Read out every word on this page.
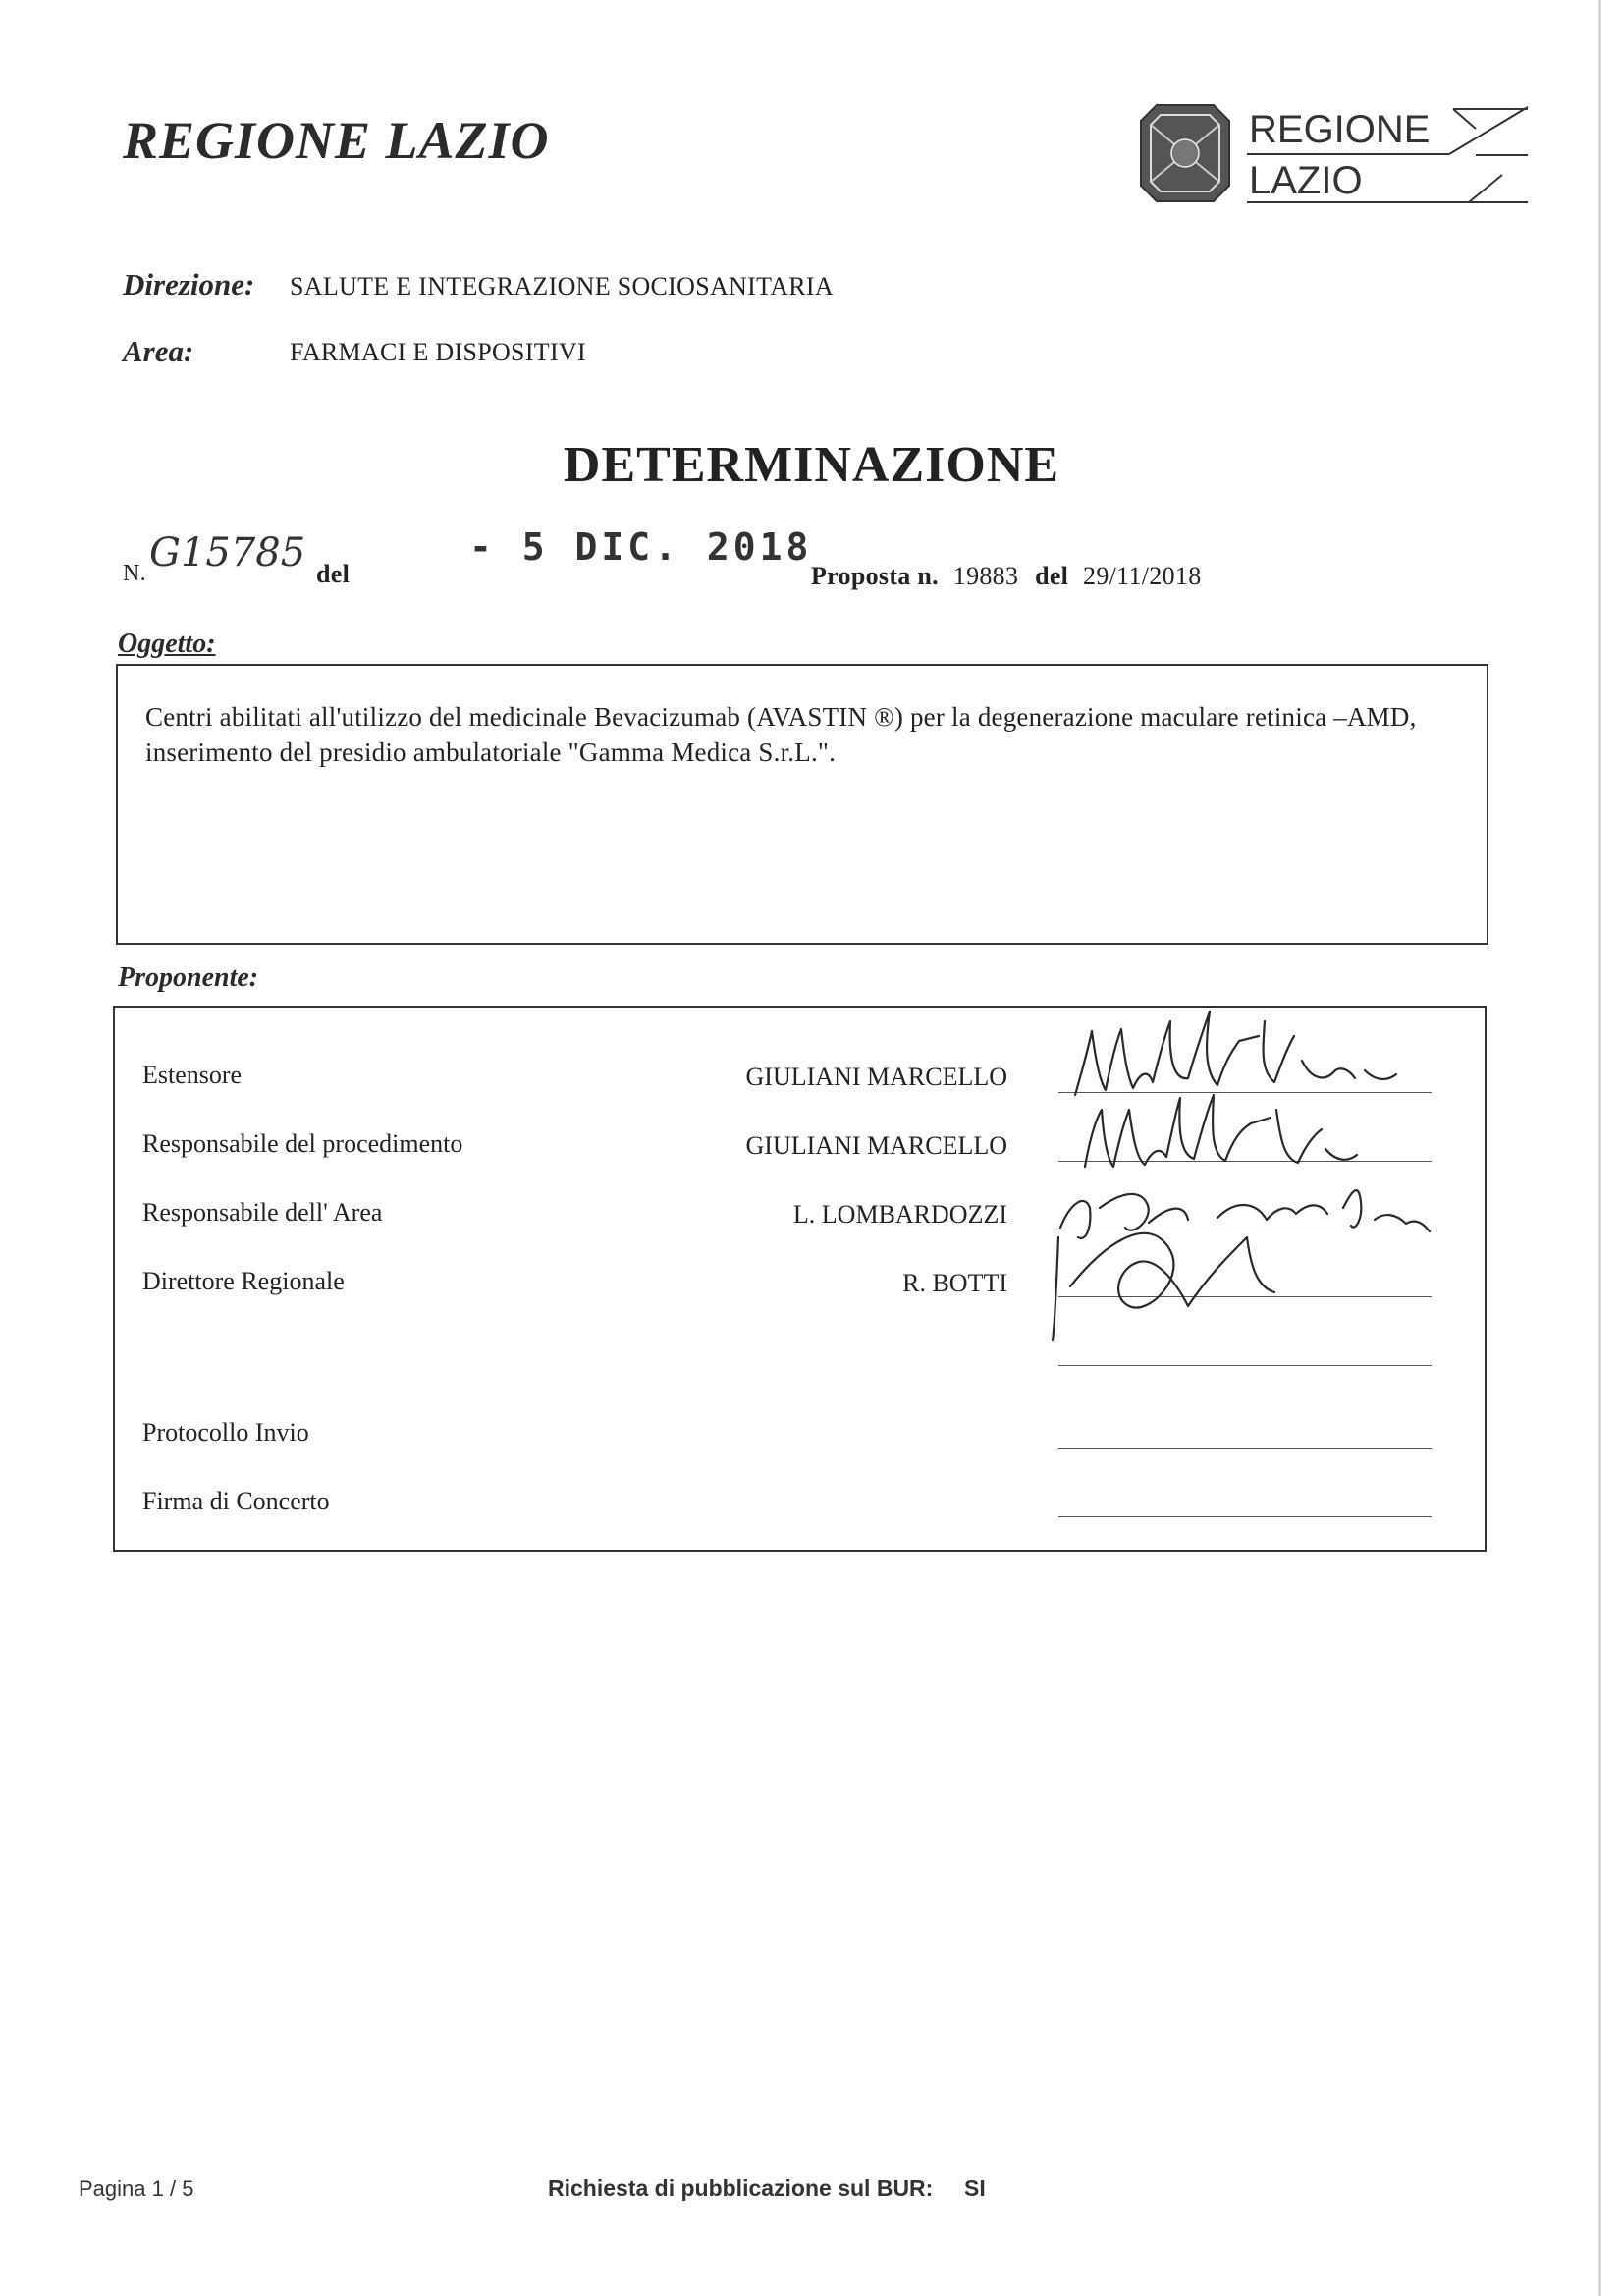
REGIONE LAZIO	REGIONE
LAZIO
Direzione: SALUTE E INTEGRAZIONE SOCIOSANITARIA
Area:	FARMACI E DISPOSITIVI
DETERMINAZIONE
N. G15785 del
- 5 DIC. 2018
Proposta n. 19883 del 29/11/2018
Oggetto:
Centri abilitati all'utilizzo del medicinale Bevacizumab (AVASTIN ®) per la degenerazione maculare retinica –AMD,
inserimento del presidio ambulatoriale "Gamma Medica S.r.L.".
Proponente:
Estensore	GIULIANI MARCELLO
Responsabile del procedimento	GIULIANI MARCELLO
Responsabile dell' Area	L. LOMBARDOZZI
Direttore Regionale	R. BOTTI
Protocollo Invio
Firma di Concerto
Pagina 1 / 5	Richiesta di pubblicazione sul BUR: SI
